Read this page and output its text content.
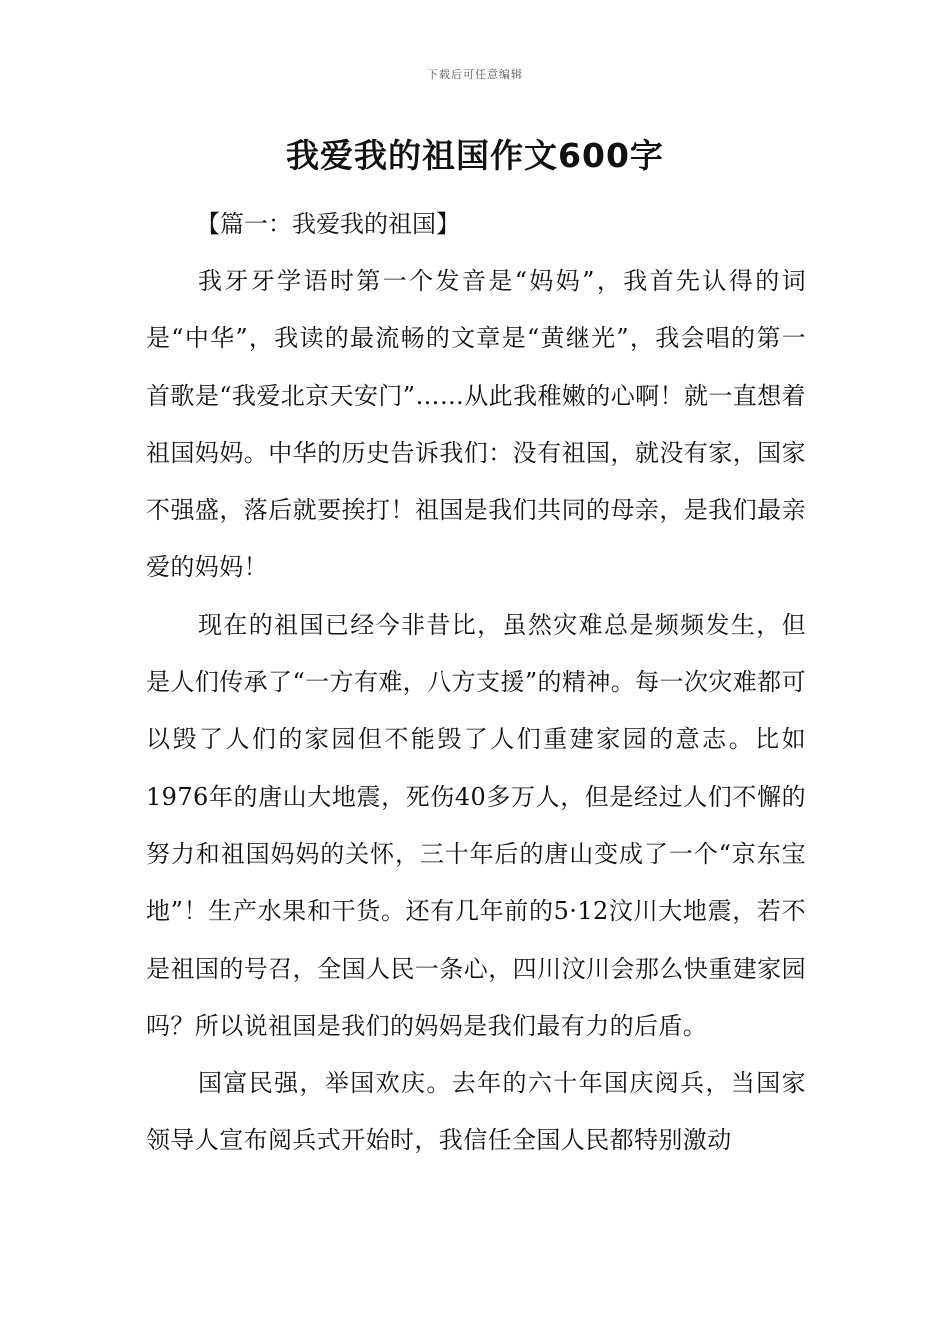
下载后可任意编辑
我爱我的祖国作文600字

【篇一：我爱我的祖国】

我牙牙学语时第一个发音是“妈妈”，我首先认得的词是“中华”，我读的最流畅的文章是“黄继光”，我会唱的第一首歌是“我爱北京天安门”……从此我稚嫩的心啊！就一直想着祖国妈妈。中华的历史告诉我们：没有祖国，就没有家，国家不强盛，落后就要挨打！祖国是我们共同的母亲，是我们最亲爱的妈妈！

现在的祖国已经今非昔比，虽然灾难总是频频发生，但是人们传承了“一方有难，八方支援”的精神。每一次灾难都可以毁了人们的家园但不能毁了人们重建家园的意志。比如1976年的唐山大地震，死伤40多万人，但是经过人们不懈的努力和祖国妈妈的关怀，三十年后的唐山变成了一个“京东宝地”！生产水果和干货。还有几年前的5·12汶川大地震，若不是祖国的号召，全国人民一条心，四川汶川会那么快重建家园吗？所以说祖国是我们的妈妈是我们最有力的后盾。

国富民强，举国欢庆。去年的六十年国庆阅兵，当国家领导人宣布阅兵式开始时，我信任全国人民都特别激动
